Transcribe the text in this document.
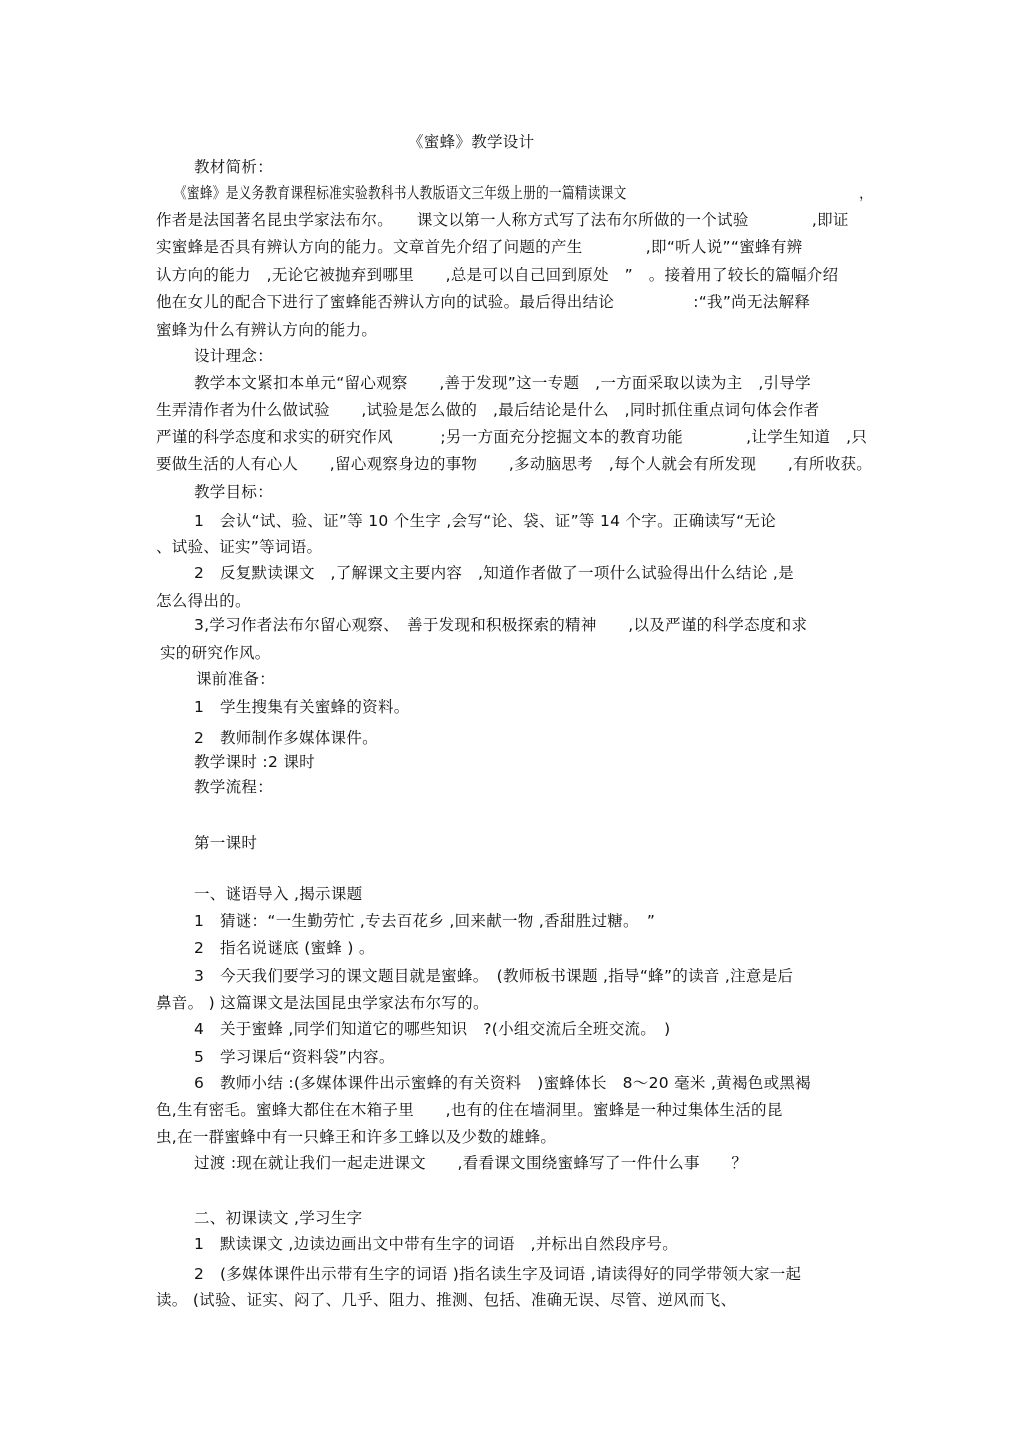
《蜜蜂》教学设计
教材简析：
《蜜蜂》是义务教育课程标准实验教科书人教版语文三年级上册的一篇精读课文　　　　　　　　　　　　　　　　　　，
作者是法国著名昆虫学家法布尔。　　课文以第一人称方式写了法布尔所做的一个试验　　　　,即证
实蜜蜂是否具有辨认方向的能力。文章首先介绍了问题的产生　　　　,即“听人说”“蜜蜂有辨
认方向的能力　,无论它被抛弃到哪里　　,总是可以自己回到原处　”　。接着用了较长的篇幅介绍
他在女儿的配合下进行了蜜蜂能否辨认方向的试验。最后得出结论　　　　　:“我”尚无法解释
蜜蜂为什么有辨认方向的能力。
设计理念：
教学本文紧扣本单元“留心观察　　,善于发现”这一专题　,一方面采取以读为主　,引导学
生弄清作者为什么做试验　　,试验是怎么做的　,最后结论是什么　,同时抓住重点词句体会作者
严谨的科学态度和求实的研究作风　　　;另一方面充分挖掘文本的教育功能　　　　,让学生知道　,只
要做生活的人有心人　　,留心观察身边的事物　　,多动脑思考　,每个人就会有所发现　　,有所收获。
教学目标：
1　会认“试、验、证”等 10 个生字 ,会写“论、袋、证”等 14 个字。正确读写“无论
、试验、证实”等词语。
2　反复默读课文　,了解课文主要内容　,知道作者做了一项什么试验得出什么结论 ,是
怎么得出的。
3,学习作者法布尔留心观察、　善于发现和积极探索的精神　　,以及严谨的科学态度和求
实的研究作风。
课前准备：
1　学生搜集有关蜜蜂的资料。
2　教师制作多媒体课件。
教学课时 :2 课时
教学流程：
第一课时
一、谜语导入 ,揭示课题
1　猜谜：“一生勤劳忙 ,专去百花乡 ,回来献一物 ,香甜胜过糖。　”
2　指名说谜底 (蜜蜂 ) 。
3　今天我们要学习的课文题目就是蜜蜂。　(教师板书课题 ,指导“蜂”的读音 ,注意是后
鼻音。 ) 这篇课文是法国昆虫学家法布尔写的。
4　关于蜜蜂 ,同学们知道它的哪些知识　?(小组交流后全班交流。　)
5　学习课后“资料袋”内容。
6　教师小结 :(多媒体课件出示蜜蜂的有关资料　)蜜蜂体长　8～20 毫米 ,黄褐色或黑褐
色,生有密毛。蜜蜂大都住在木箱子里　　,也有的住在墙洞里。蜜蜂是一种过集体生活的昆
虫,在一群蜜蜂中有一只蜂王和许多工蜂以及少数的雄蜂。
过渡 :现在就让我们一起走进课文　　,看看课文围绕蜜蜂写了一件什么事　　？
二、初课读文 ,学习生字
1　默读课文 ,边读边画出文中带有生字的词语　,并标出自然段序号。
2　(多媒体课件出示带有生字的词语 )指名读生字及词语 ,请读得好的同学带领大家一起
读。 (试验、证实、闷了、几乎、阻力、推测、包括、准确无误、尽管、逆风而飞、
